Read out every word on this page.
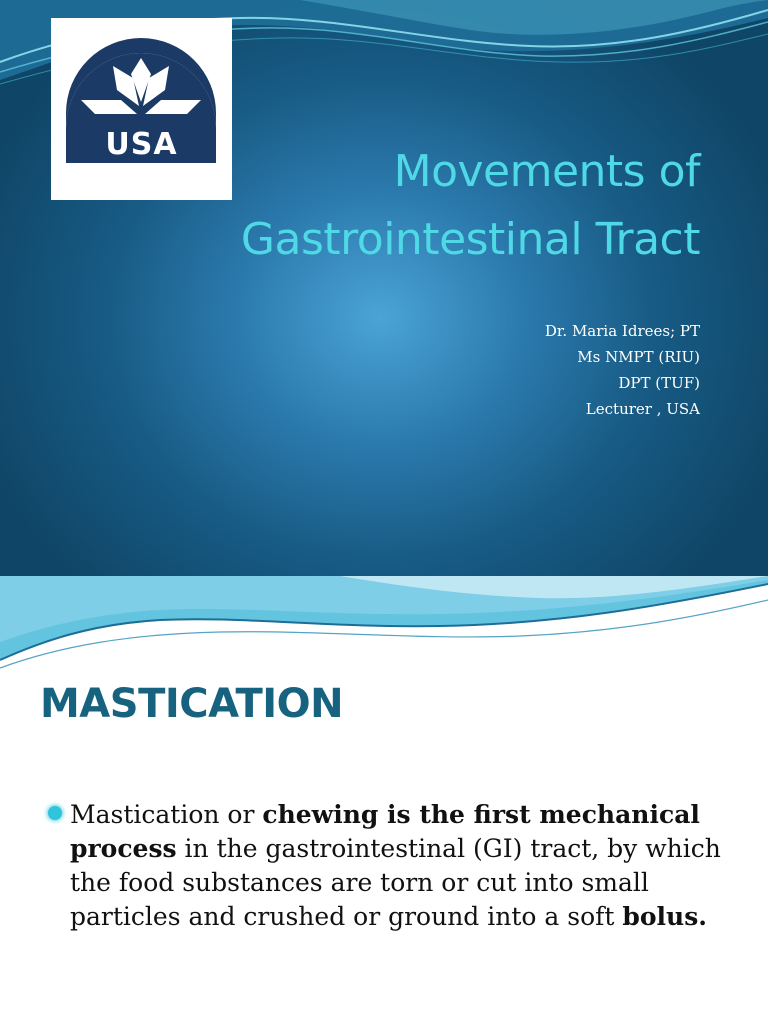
USA
Movements of
Gastrointestinal Tract
Dr. Maria Idrees; PT
Ms NMPT (RIU)
DPT (TUF)
Lecturer , USA
MASTICATION
Mastication or chewing is the first mechanical process in the gastrointestinal (GI) tract, by which the food substances are torn or cut into small particles and crushed or ground into a soft bolus.
